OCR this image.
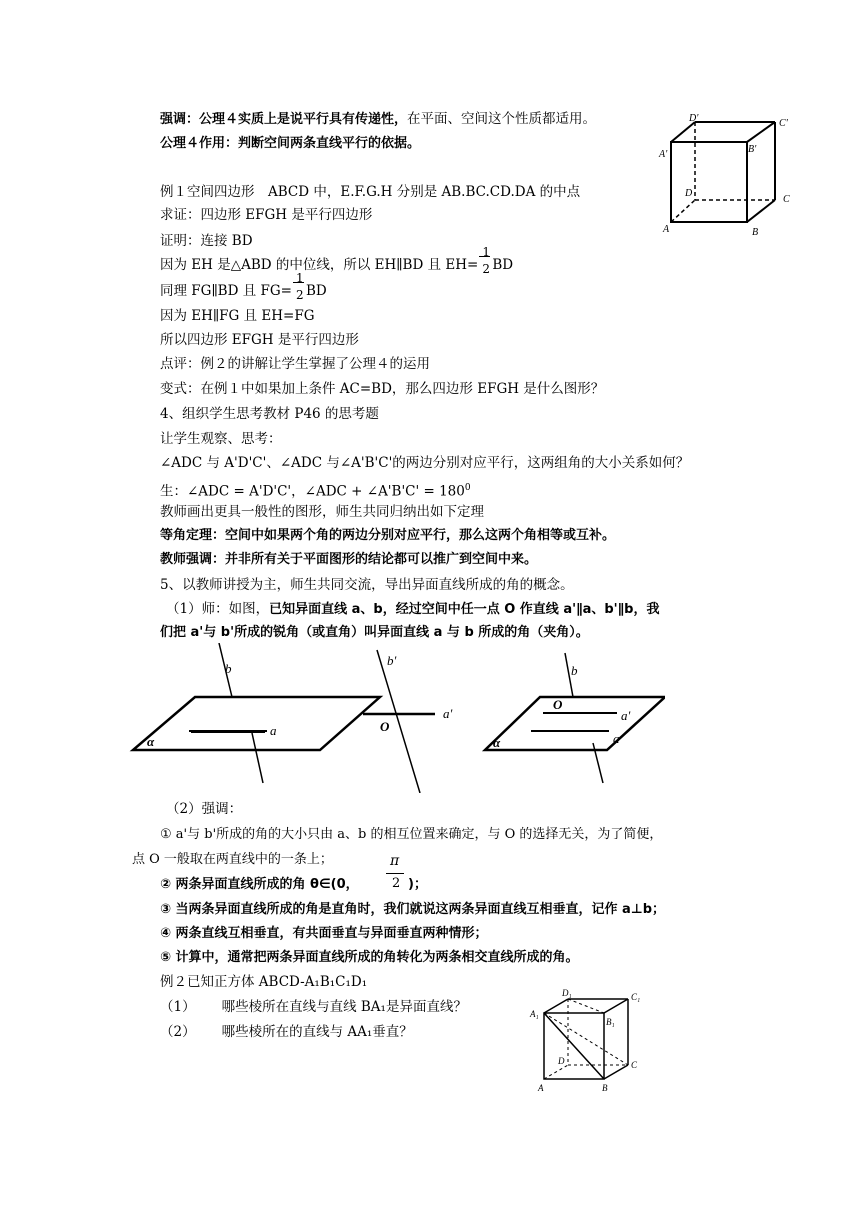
强调：公理４实质上是说平行具有传递性，在平面、空间这个性质都适用。
公理４作用：判断空间两条直线平行的依据。
例１空间四边形　ABCD 中，E.F.G.H 分别是 AB.BC.CD.DA 的中点
求证：四边形 EFGH 是平行四边形
证明：连接 BD
因为 EH 是△ABD 的中位线，所以 EH∥BD 且 $EH= \frac{1}{2}$ BD
同理 FG∥BD 且 $FG= \frac{1}{2}$ BD
因为 EH∥FG 且 EH=FG
所以四边形 EFGH 是平行四边形
点评：例２的讲解让学生掌握了公理４的运用
变式：在例１中如果加上条件 AC=BD，那么四边形 EFGH 是什么图形？
4、组织学生思考教材 P46 的思考题
让学生观察、思考：
∠ADC 与 A'D'C'、∠ADC 与∠A'B'C'的两边分别对应平行，这两组角的大小关系如何？
生：∠ADC = A'D'C'，∠ADC + ∠A'B'C' = $180^0$
教师画出更具一般性的图形，师生共同归纳出如下定理
等角定理：空间中如果两个角的两边分别对应平行，那么这两个角相等或互补。
教师强调：并非所有关于平面图形的结论都可以推广到空间中来。
5、以教师讲授为主，师生共同交流，导出异面直线所成的角的概念。
（1）师：如图，已知异面直线 a、b，经过空间中任一点 O 作直线 a'∥a、b'∥b，我
们把 a'与 b'所成的锐角（或直角）叫异面直线 a 与 b 所成的角（夹角）。
b
a
α
b'
a'
O
b
a'
a
O
α
（2）强调：
① a'与 b'所成的角的大小只由 a、b 的相互位置来确定，与 O 的选择无关，为了简便，
点 O 一般取在两直线中的一条上；
② 两条异面直线所成的角 θ∈(0，
π
2 )；
③ 当两条异面直线所成的角是直角时，我们就说这两条异面直线互相垂直，记作 a⊥b；
④ 两条直线互相垂直，有共面垂直与异面垂直两种情形；
⑤ 计算中，通常把两条异面直线所成的角转化为两条相交直线所成的角。
例２已知正方体 ABCD-A₁B₁C₁D₁
（1） 哪些棱所在直线与直线 BA₁是异面直线？
（2） 哪些棱所在的直线与 AA₁垂直？
D'	C'
A'	B'
C
D
A	B
D₁	C₁
A₁
B₁
C
D
A	B
